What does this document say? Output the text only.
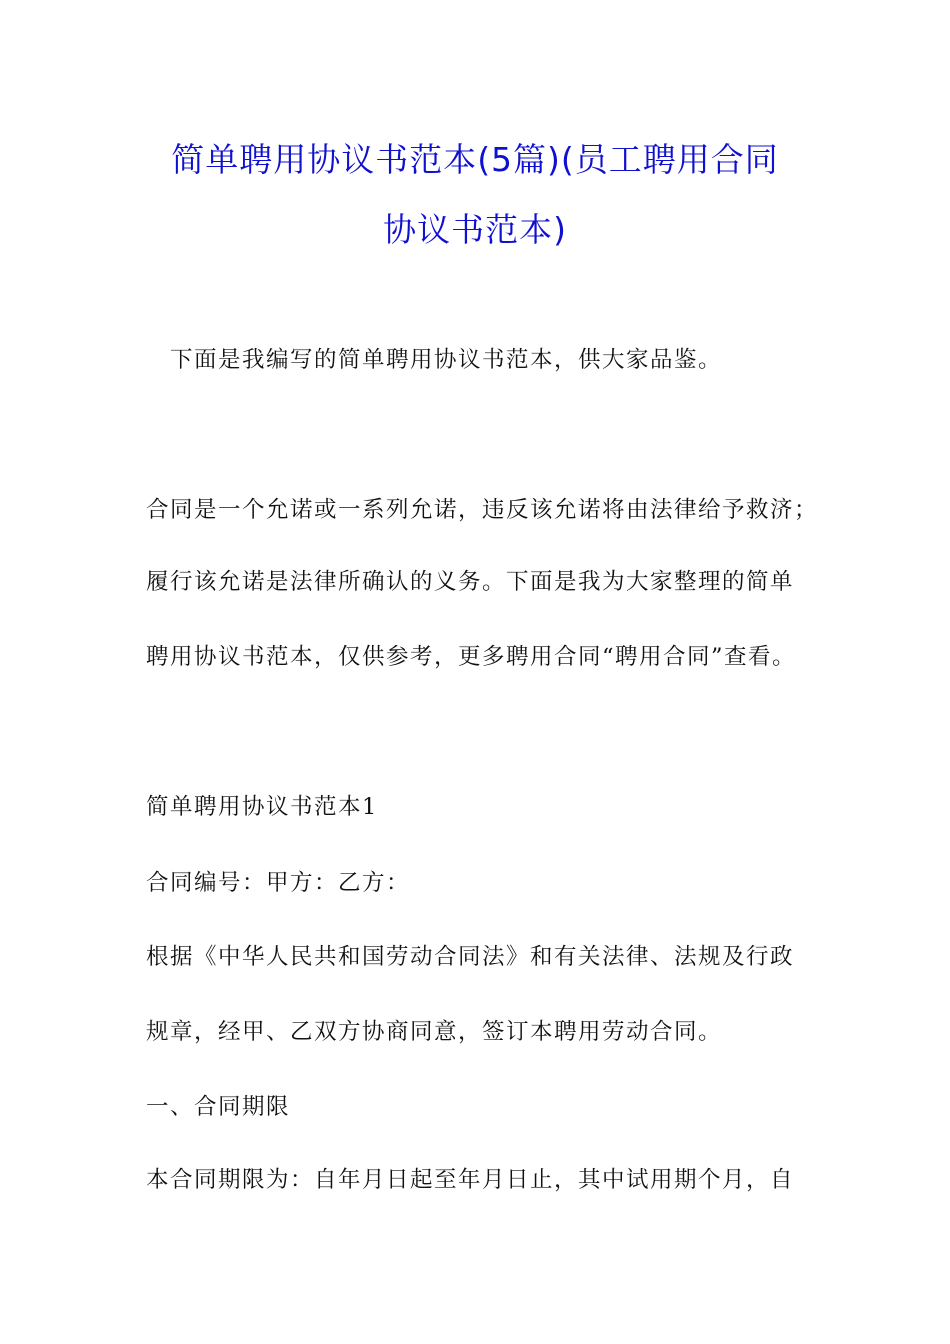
简单聘用协议书范本(5篇)(员工聘用合同
协议书范本)
下面是我编写的简单聘用协议书范本，供大家品鉴。
合同是一个允诺或一系列允诺，违反该允诺将由法律给予救济；
履行该允诺是法律所确认的义务。下面是我为大家整理的简单
聘用协议书范本，仅供参考，更多聘用合同“聘用合同”查看。
简单聘用协议书范本1
合同编号：甲方：乙方：
根据《中华人民共和国劳动合同法》和有关法律、法规及行政
规章，经甲、乙双方协商同意，签订本聘用劳动合同。
一、合同期限
本合同期限为：自年月日起至年月日止，其中试用期个月，自
